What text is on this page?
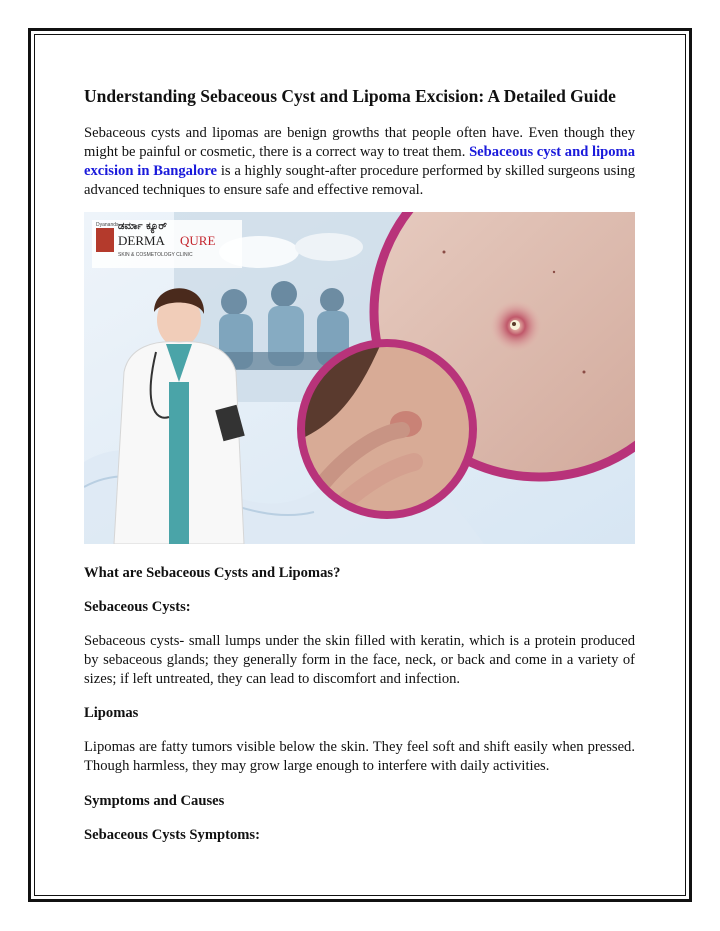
Understanding Sebaceous Cyst and Lipoma Excision: A Detailed Guide

Sebaceous cysts and lipomas are benign growths that people often have. Even though they might be painful or cosmetic, there is a correct way to treat them. Sebaceous cyst and lipoma excision in Bangalore is a highly sought-after procedure performed by skilled surgeons using advanced techniques to ensure safe and effective removal.

Dyanands ಡರ್ಮಾ ಕ್ಯೂರ್
DERMA QURE
SKIN & COSMETOLOGY CLINIC
What are Sebaceous Cysts and Lipomas?
Sebaceous Cysts:

Sebaceous cysts- small lumps under the skin filled with keratin, which is a protein produced by sebaceous glands; they generally form in the face, neck, or back and come in a variety of sizes; if left untreated, they can lead to discomfort and infection.

Lipomas

Lipomas are fatty tumors visible below the skin. They feel soft and shift easily when pressed. Though harmless, they may grow large enough to interfere with daily activities.

Symptoms and Causes
Sebaceous Cysts Symptoms:
